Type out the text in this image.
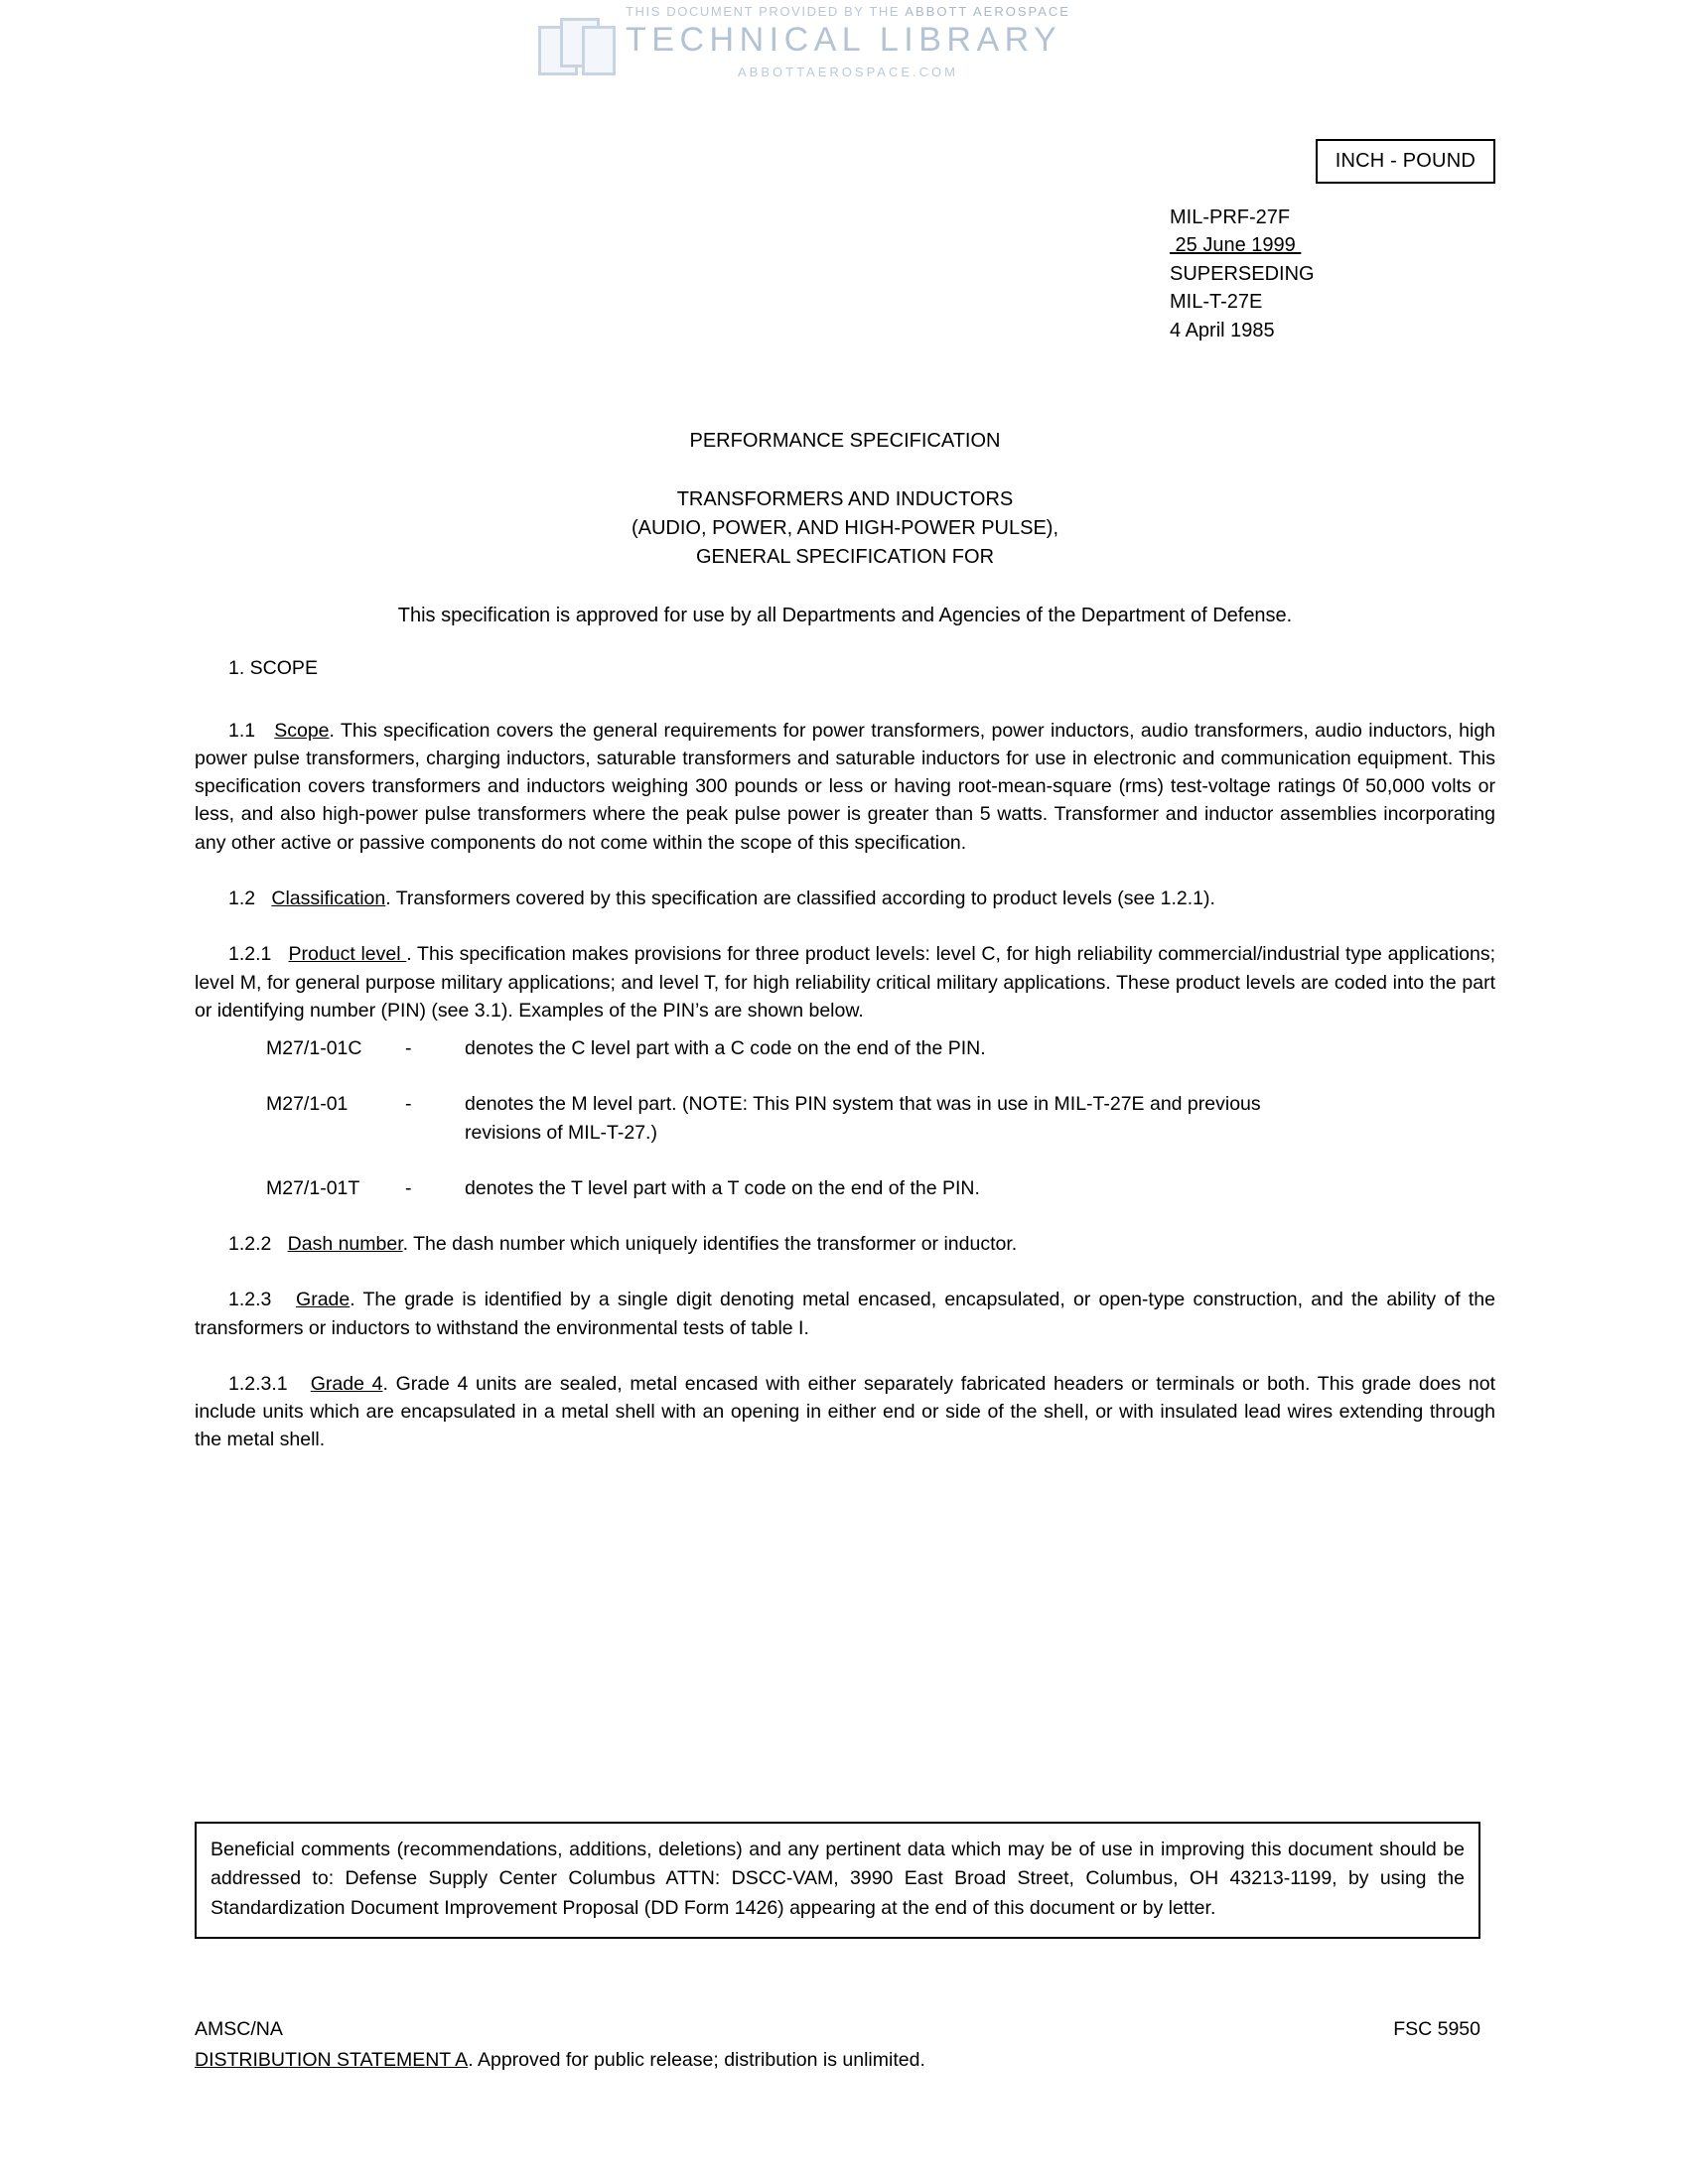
THIS DOCUMENT PROVIDED BY THE ABBOTT AEROSPACE
TECHNICAL LIBRARY
ABBOTTAEROSPACE.COM
INCH - POUND
MIL-PRF-27F
25 June 1999
SUPERSEDING
MIL-T-27E
4 April 1985
PERFORMANCE SPECIFICATION
TRANSFORMERS AND INDUCTORS
(AUDIO, POWER, AND HIGH-POWER PULSE),
GENERAL SPECIFICATION FOR
This specification is approved for use by all Departments and Agencies of the Department of Defense.

1. SCOPE

1.1 Scope. This specification covers the general requirements for power transformers, power inductors, audio transformers, audio inductors, high power pulse transformers, charging inductors, saturable transformers and saturable inductors for use in electronic and communication equipment. This specification covers transformers and inductors weighing 300 pounds or less or having root-mean-square (rms) test-voltage ratings 0f 50,000 volts or less, and also high-power pulse transformers where the peak pulse power is greater than 5 watts. Transformer and inductor assemblies incorporating any other active or passive components do not come within the scope of this specification.

1.2 Classification. Transformers covered by this specification are classified according to product levels (see 1.2.1).

1.2.1 Product level . This specification makes provisions for three product levels: level C, for high reliability commercial/industrial type applications; level M, for general purpose military applications; and level T, for high reliability critical military applications. These product levels are coded into the part or identifying number (PIN) (see 3.1). Examples of the PIN’s are shown below.

M27/1-01C	-	denotes the C level part with a C code on the end of the PIN.
M27/1-01	-	denotes the M level part. (NOTE: This PIN system that was in use in MIL-T-27E and previous revisions of MIL-T-27.)
M27/1-01T	-	denotes the T level part with a T code on the end of the PIN.

1.2.2 Dash number. The dash number which uniquely identifies the transformer or inductor.

1.2.3 Grade. The grade is identified by a single digit denoting metal encased, encapsulated, or open-type construction, and the ability of the transformers or inductors to withstand the environmental tests of table I.

1.2.3.1 Grade 4. Grade 4 units are sealed, metal encased with either separately fabricated headers or terminals or both. This grade does not include units which are encapsulated in a metal shell with an opening in either end or side of the shell, or with insulated lead wires extending through the metal shell.

Beneficial comments (recommendations, additions, deletions) and any pertinent data which may be of use in improving this document should be addressed to: Defense Supply Center Columbus ATTN: DSCC-VAM, 3990 East Broad Street, Columbus, OH 43213-1199, by using the Standardization Document Improvement Proposal (DD Form 1426) appearing at the end of this document or by letter.
AMSC/NA	FSC 5950
DISTRIBUTION STATEMENT A. Approved for public release; distribution is unlimited.
